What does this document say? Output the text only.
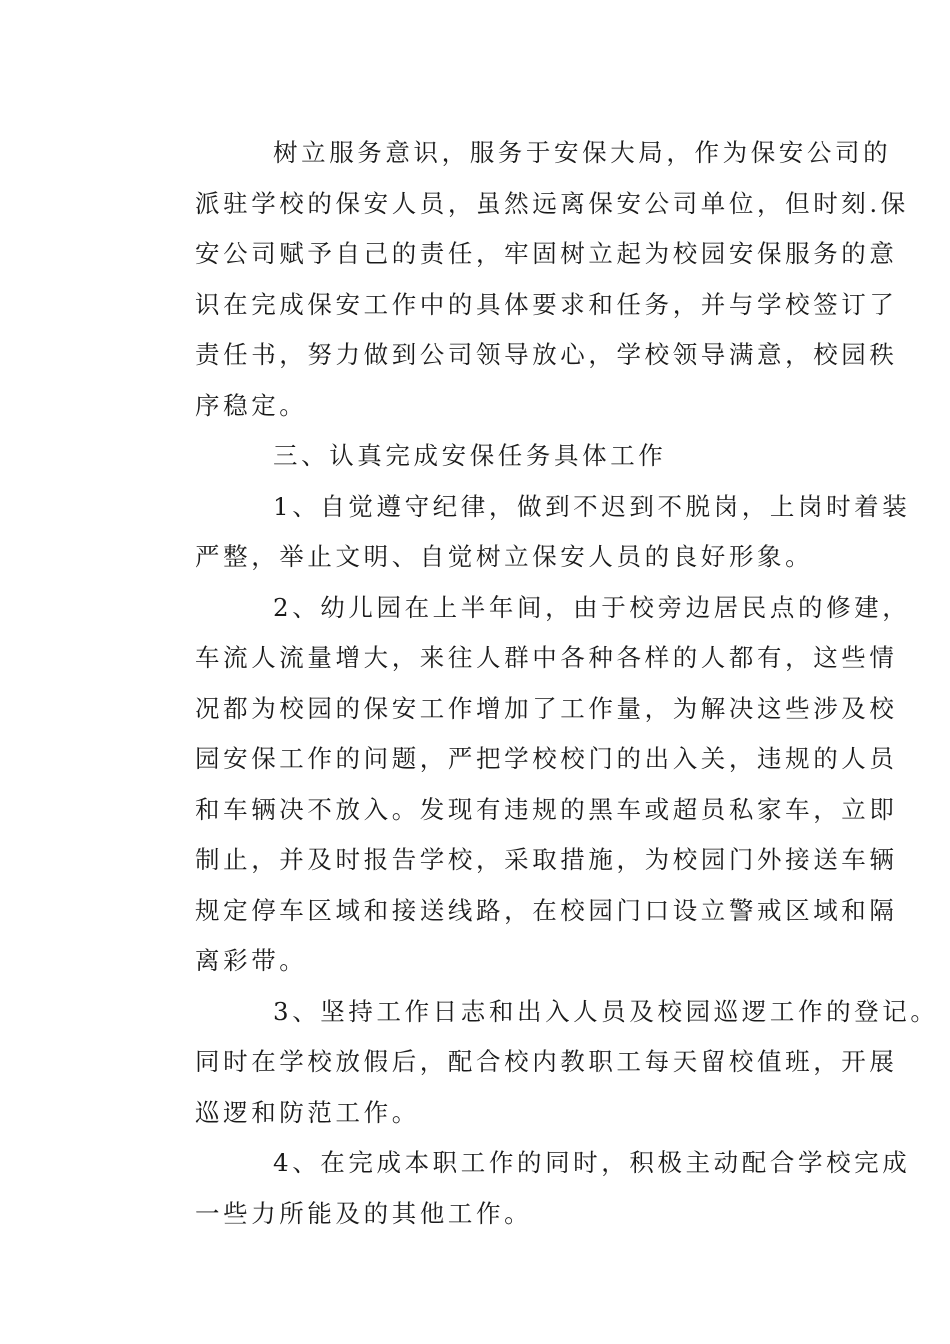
树立服务意识，服务于安保大局，作为保安公司的
派驻学校的保安人员，虽然远离保安公司单位，但时刻.保
安公司赋予自己的责任，牢固树立起为校园安保服务的意
识在完成保安工作中的具体要求和任务，并与学校签订了
责任书，努力做到公司领导放心，学校领导满意，校园秩
序稳定。
三、认真完成安保任务具体工作
1、自觉遵守纪律，做到不迟到不脱岗，上岗时着装
严整，举止文明、自觉树立保安人员的良好形象。
2、幼儿园在上半年间，由于校旁边居民点的修建，
车流人流量增大，来往人群中各种各样的人都有，这些情
况都为校园的保安工作增加了工作量，为解决这些涉及校
园安保工作的问题，严把学校校门的出入关，违规的人员
和车辆决不放入。发现有违规的黑车或超员私家车，立即
制止，并及时报告学校，采取措施，为校园门外接送车辆
规定停车区域和接送线路，在校园门口设立警戒区域和隔
离彩带。
3、坚持工作日志和出入人员及校园巡逻工作的登记。
同时在学校放假后，配合校内教职工每天留校值班，开展
巡逻和防范工作。
4、在完成本职工作的同时，积极主动配合学校完成
一些力所能及的其他工作。
